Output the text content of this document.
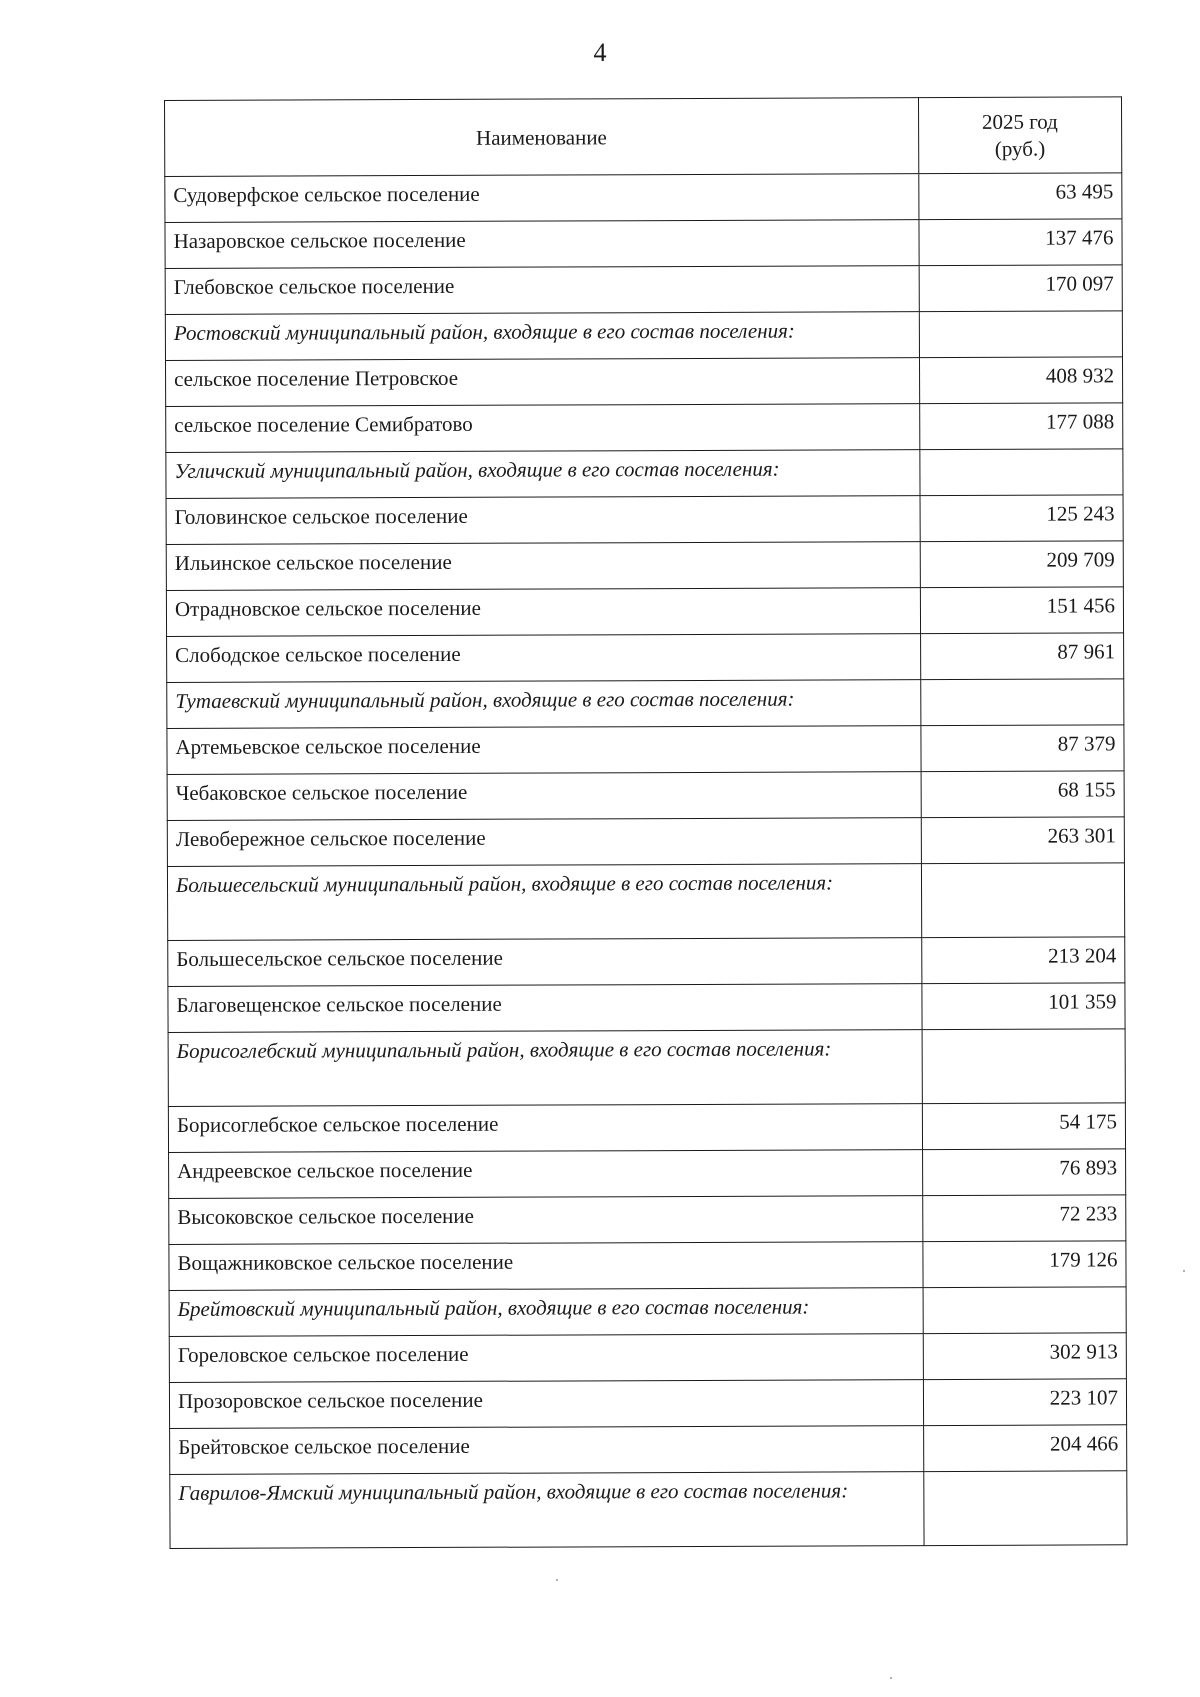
4
Наименование	2025 год
(руб.)
Судоверфское сельское поселение	63 495
Назаровское сельское поселение	137 476
Глебовское сельское поселение	170 097
Ростовский муниципальный район, входящие в его состав поселения:	
сельское поселение Петровское	408 932
сельское поселение Семибратово	177 088
Угличский муниципальный район, входящие в его состав поселения:	
Головинское сельское поселение	125 243
Ильинское сельское поселение	209 709
Отрадновское сельское поселение	151 456
Слободское сельское поселение	87 961
Тутаевский муниципальный район, входящие в его состав поселения:	
Артемьевское сельское поселение	87 379
Чебаковское сельское поселение	68 155
Левобережное сельское поселение	263 301
Большесельский муниципальный район, входящие в его состав поселения:	
Большесельское сельское поселение	213 204
Благовещенское сельское поселение	101 359
Борисоглебский муниципальный район, входящие в его состав поселения:	
Борисоглебское сельское поселение	54 175
Андреевское сельское поселение	76 893
Высоковское сельское поселение	72 233
Вощажниковское сельское поселение	179 126
Брейтовский муниципальный район, входящие в его состав поселения:	
Гореловское сельское поселение	302 913
Прозоровское сельское поселение	223 107
Брейтовское сельское поселение	204 466
Гаврилов-Ямский муниципальный район, входящие в его состав поселения:	
